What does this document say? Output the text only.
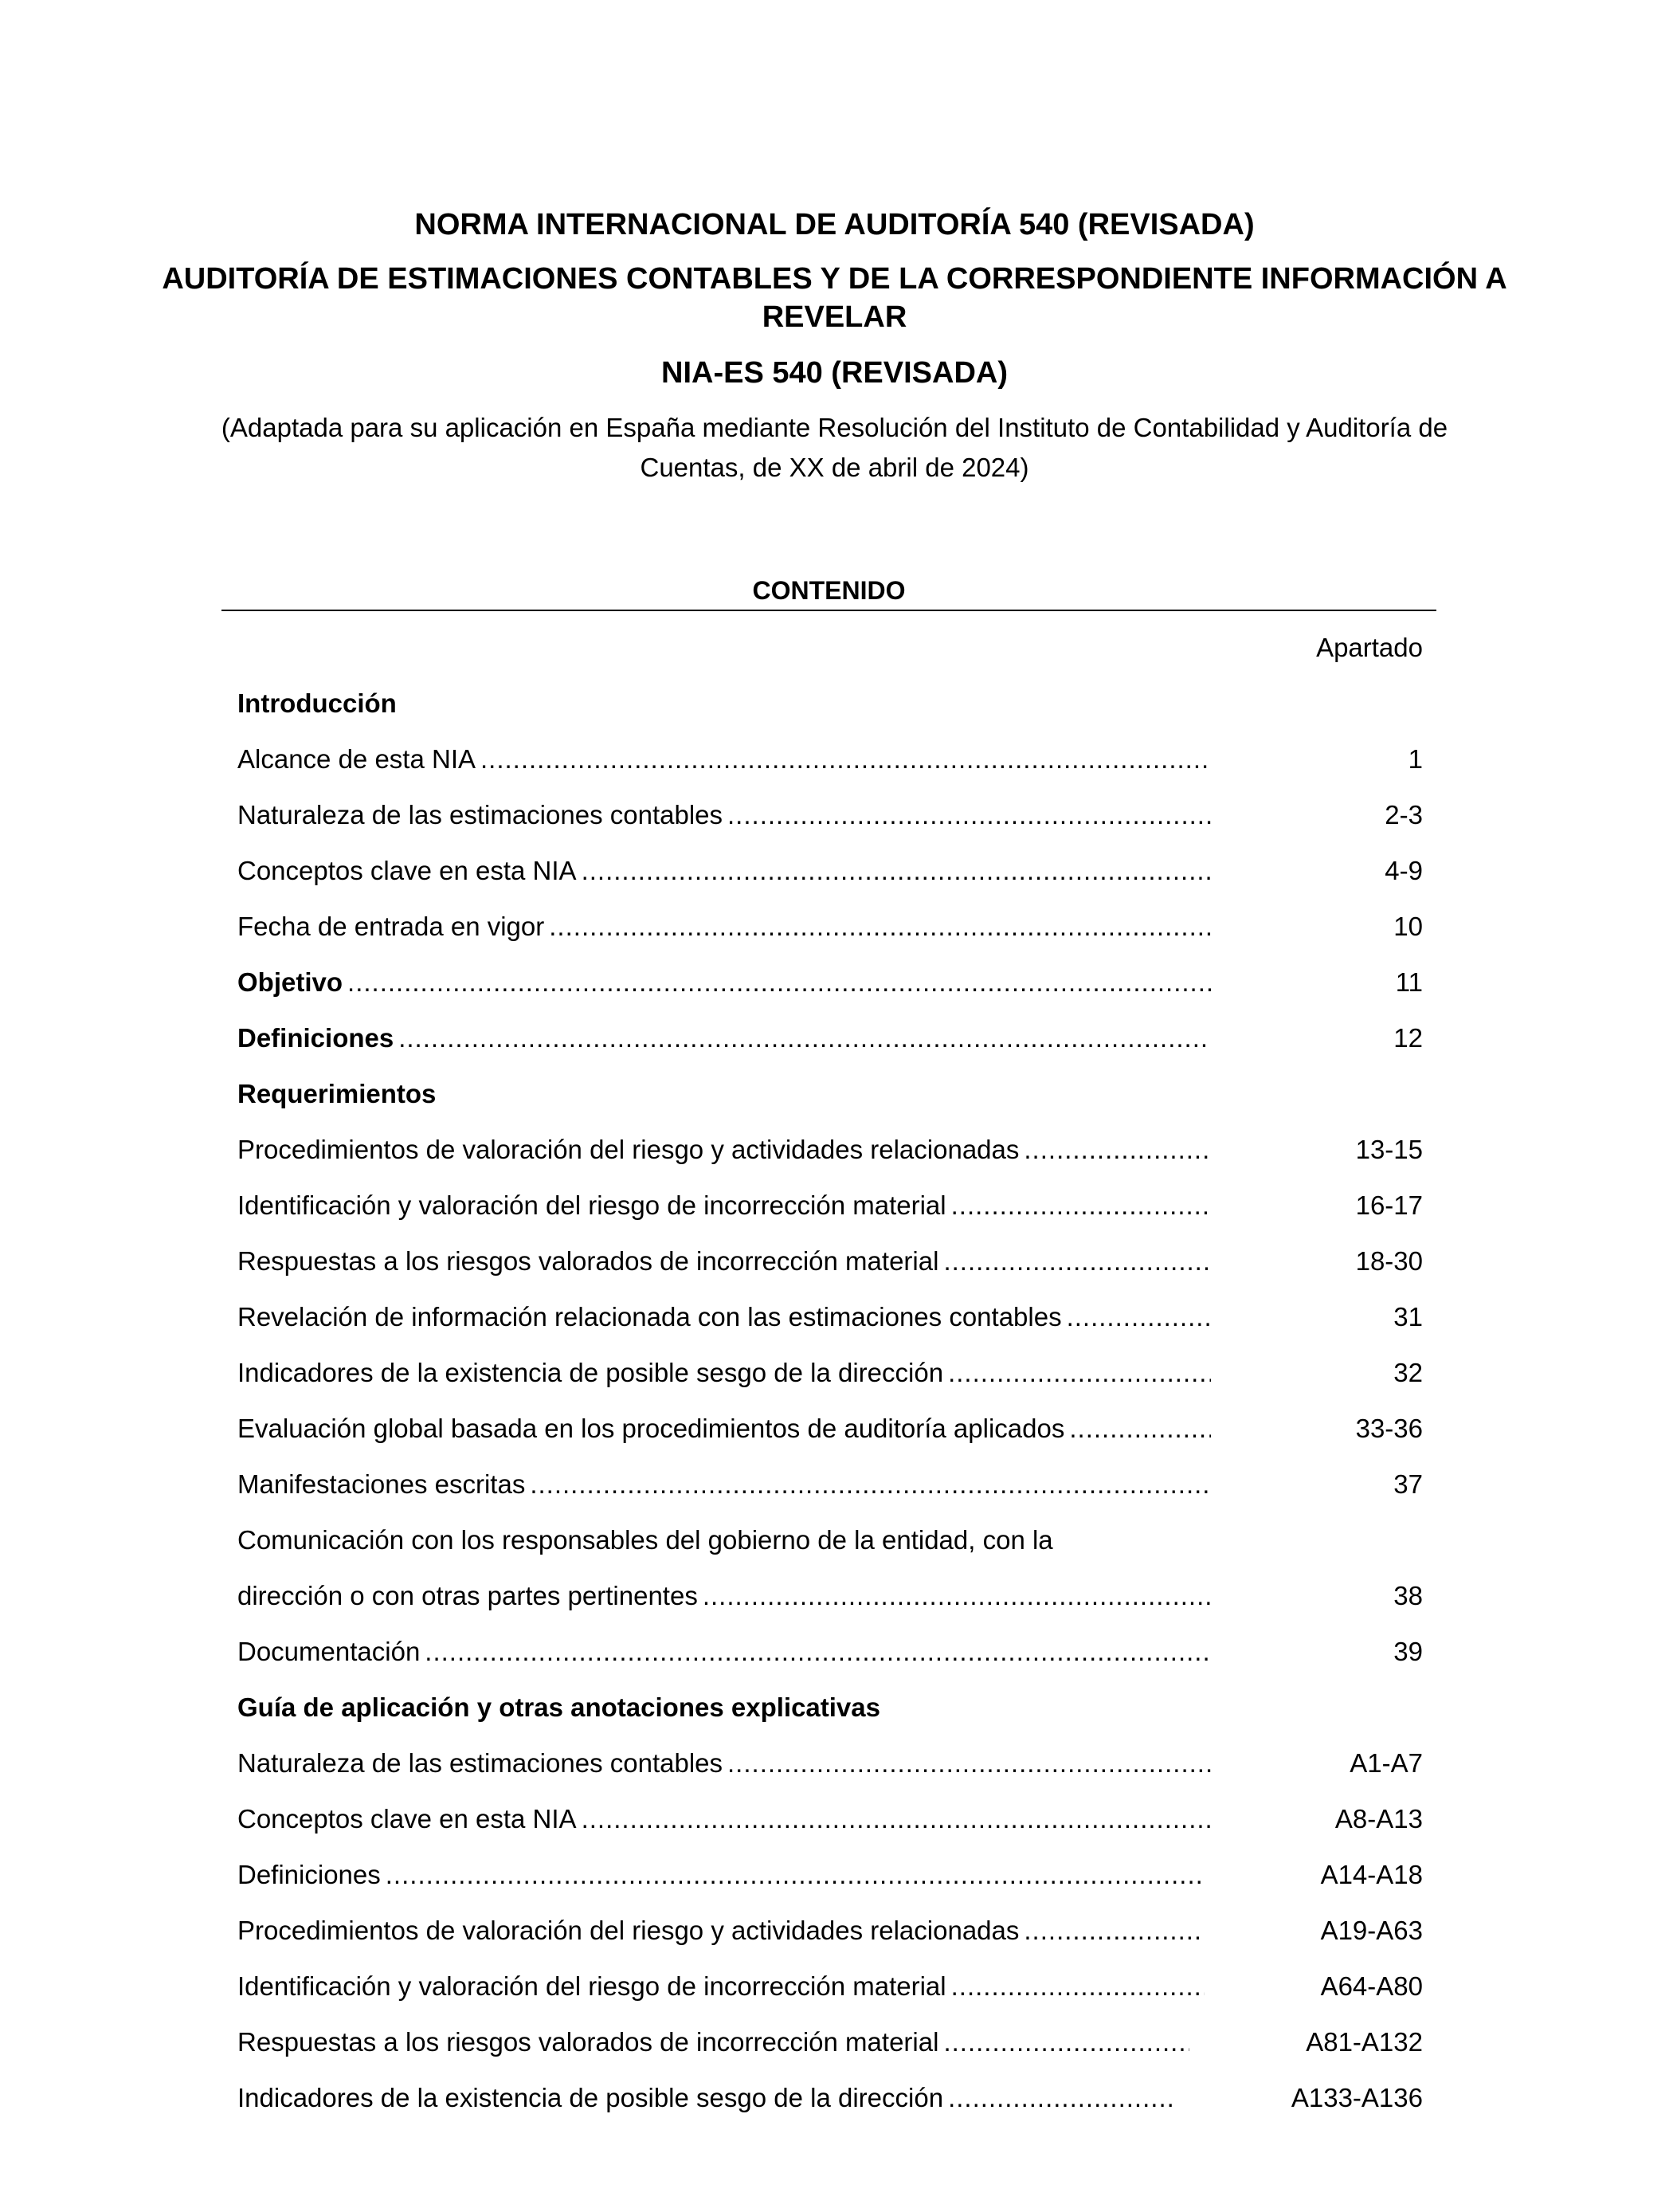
NORMA INTERNACIONAL DE AUDITORÍA 540 (REVISADA)

AUDITORÍA DE ESTIMACIONES CONTABLES Y DE LA CORRESPONDIENTE INFORMACIÓN A REVELAR

NIA-ES 540 (REVISADA)

(Adaptada para su aplicación en España mediante Resolución del Instituto de Contabilidad y Auditoría de Cuentas, de XX de abril de 2024)

CONTENIDO
Apartado
Introducción
Alcance de esta NIA .....	1
Naturaleza de las estimaciones contables .....	2-3
Conceptos clave en esta NIA .....	4-9
Fecha de entrada en vigor .....	10
Objetivo .....	11
Definiciones .....	12
Requerimientos
Procedimientos de valoración del riesgo y actividades relacionadas .....	13-15
Identificación y valoración del riesgo de incorrección material .....	16-17
Respuestas a los riesgos valorados de incorrección material .....	18-30
Revelación de información relacionada con las estimaciones contables .....	31
Indicadores de la existencia de posible sesgo de la dirección .....	32
Evaluación global basada en los procedimientos de auditoría aplicados .....	33-36
Manifestaciones escritas .....	37
Comunicación con los responsables del gobierno de la entidad, con la
dirección o con otras partes pertinentes .....	38
Documentación .....	39
Guía de aplicación y otras anotaciones explicativas
Naturaleza de las estimaciones contables .....	A1-A7
Conceptos clave en esta NIA .....	A8-A13
Definiciones .....	A14-A18
Procedimientos de valoración del riesgo y actividades relacionadas .....	A19-A63
Identificación y valoración del riesgo de incorrección material .....	A64-A80
Respuestas a los riesgos valorados de incorrección material .....	A81-A132
Indicadores de la existencia de posible sesgo de la dirección .....	A133-A136
